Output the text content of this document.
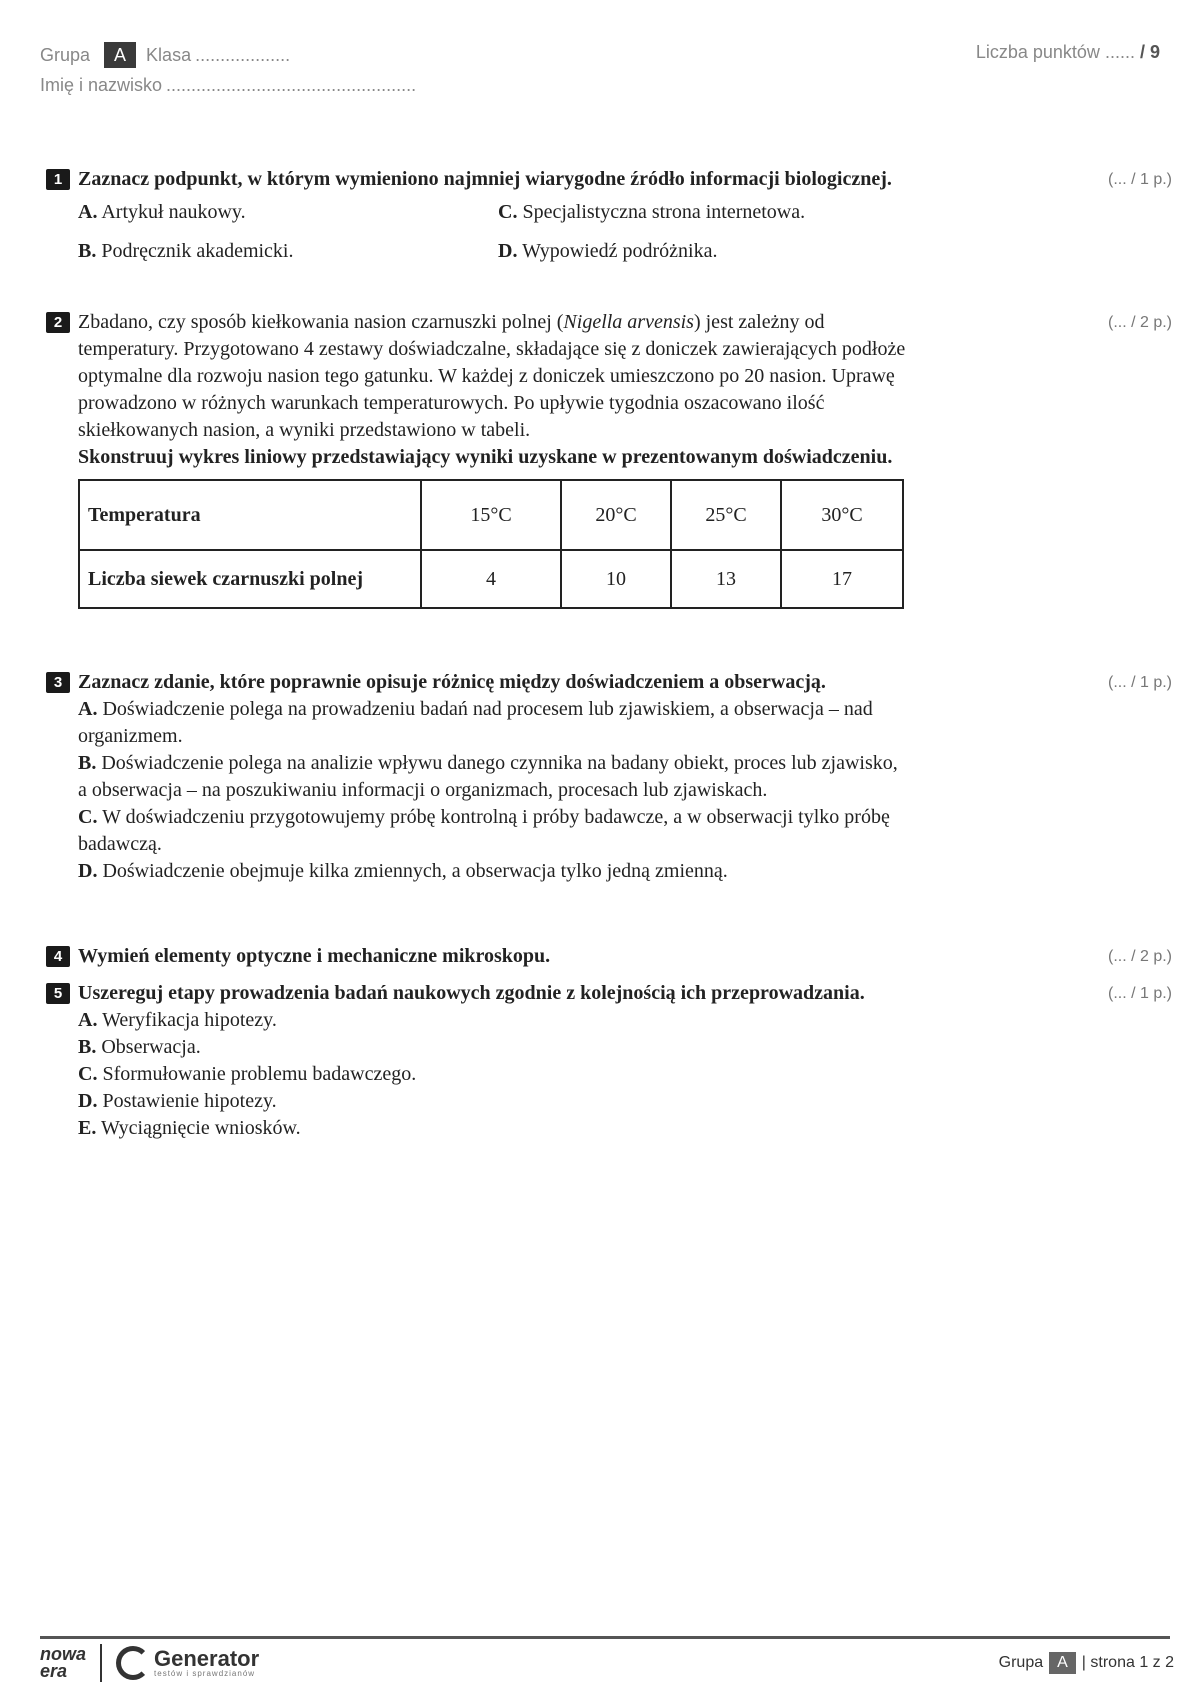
Grupa	A	Klasa ...................
Imię i nazwisko ..................................................
Liczba punktów ...... / 9
1	(... / 1 p.)
Zaznacz podpunkt, w którym wymieniono najmniej wiarygodne źródło informacji biologicznej.
A. Artykuł naukowy.	C. Specjalistyczna strona internetowa.
B. Podręcznik akademicki.	D. Wypowiedź podróżnika.
2	(... / 2 p.)
Zbadano, czy sposób kiełkowania nasion czarnuszki polnej (Nigella arvensis) jest zależny od temperatury. Przygotowano 4 zestawy doświadczalne, składające się z doniczek zawierających podłoże optymalne dla rozwoju nasion tego gatunku. W każdej z doniczek umieszczono po 20 nasion. Uprawę prowadzono w różnych warunkach temperaturowych. Po upływie tygodnia oszacowano ilość skiełkowanych nasion, a wyniki przedstawiono w tabeli.
Skonstruuj wykres liniowy przedstawiający wyniki uzyskane w prezentowanym doświadczeniu.
Temperatura	15°C	20°C	25°C	30°C
Liczba siewek czarnuszki polnej	4	10	13	17
3	(... / 1 p.)
Zaznacz zdanie, które poprawnie opisuje różnicę między doświadczeniem a obserwacją.
A. Doświadczenie polega na prowadzeniu badań nad procesem lub zjawiskiem, a obserwacja – nad organizmem.
B. Doświadczenie polega na analizie wpływu danego czynnika na badany obiekt, proces lub zjawisko, a obserwacja – na poszukiwaniu informacji o organizmach, procesach lub zjawiskach.
C. W doświadczeniu przygotowujemy próbę kontrolną i próby badawcze, a w obserwacji tylko próbę badawczą.
D. Doświadczenie obejmuje kilka zmiennych, a obserwacja tylko jedną zmienną.
4	(... / 2 p.)
Wymień elementy optyczne i mechaniczne mikroskopu.
5	(... / 1 p.)
Uszereguj etapy prowadzenia badań naukowych zgodnie z kolejnością ich przeprowadzania.
A. Weryfikacja hipotezy.
B. Obserwacja.
C. Sformułowanie problemu badawczego.
D. Postawienie hipotezy.
E. Wyciągnięcie wniosków.
nowa
era
Generator
testów i sprawdzianów
Grupa A | strona 1 z 2
